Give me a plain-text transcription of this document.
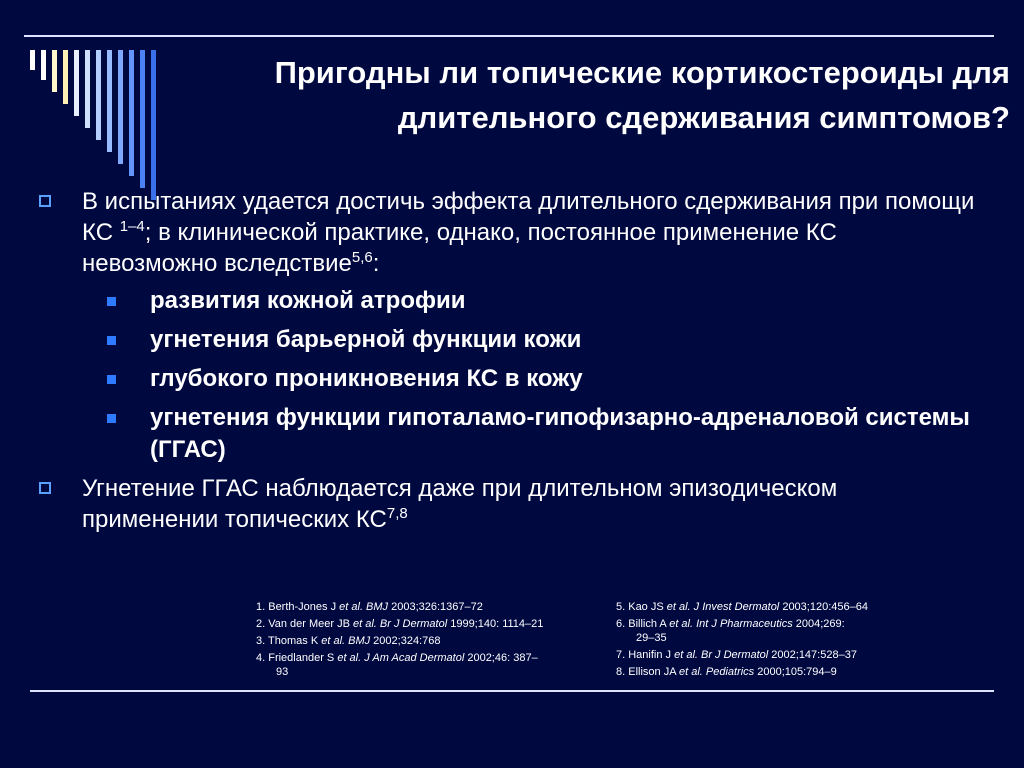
Пригодны ли топические кортикостероиды для
длительного сдерживания симптомов?
В испытаниях удается достичь эффекта длительного сдерживания при помощи КС $^{1-4}$; в клинической практике, однако, постоянное применение КС невозможно вследствие$^{5,6}$:
развития кожной атрофии
угнетения барьерной функции кожи
глубокого проникновения КС в кожу
угнетения функции гипоталамо-гипофизарно-адреналовой системы (ГГАС)
Угнетение ГГАС наблюдается даже при длительном эпизодическом применении топических КС$^{7,8}$
1. Berth-Jones J et al. BMJ 2003;326:1367–72
2. Van der Meer JB et al. Br J Dermatol 1999;140: 1114–21
3. Thomas K et al. BMJ 2002;324:768
4. Friedlander S et al. J Am Acad Dermatol 2002;46: 387–
93
5. Kao JS et al. J Invest Dermatol 2003;120:456–64
6. Billich A et al. Int J Pharmaceutics 2004;269:
29–35
7. Hanifin J et al. Br J Dermatol 2002;147:528–37
8. Ellison JA et al. Pediatrics 2000;105:794–9
